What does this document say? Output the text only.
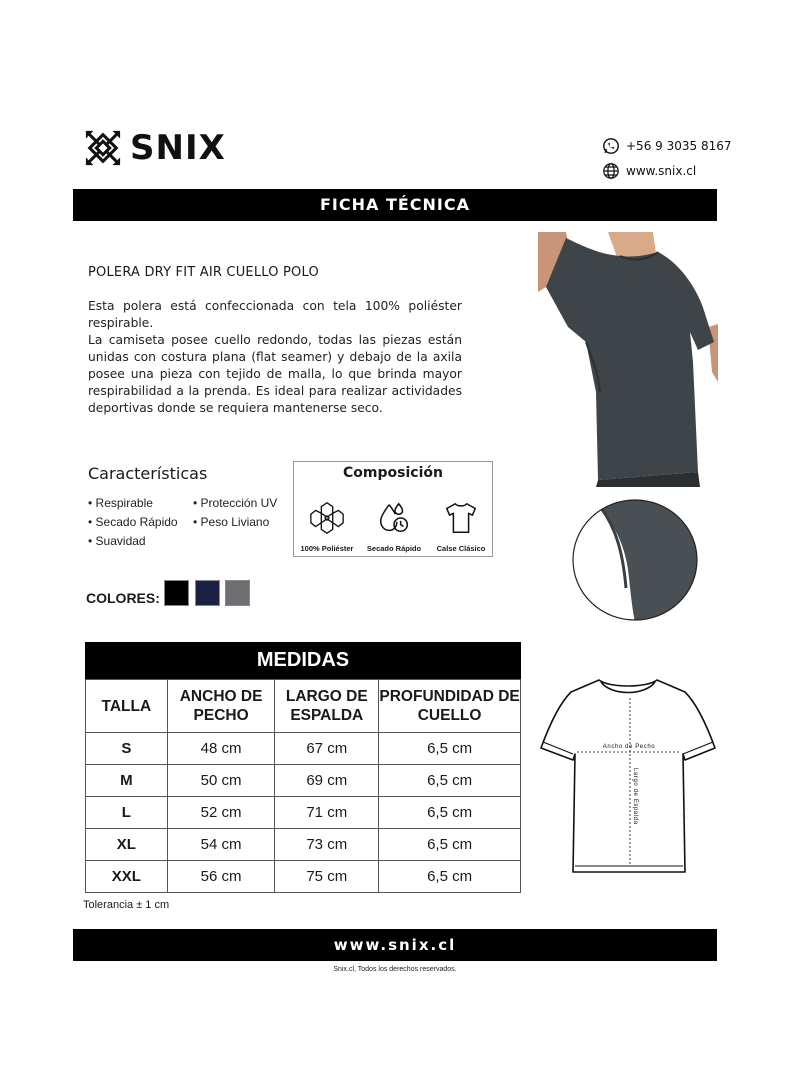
SNIX	+56 9 3035 8167
www.snix.cl
FICHA TÉCNICA
POLERA DRY FIT AIR CUELLO POLO

Esta polera está confeccionada con tela 100% poliéster respirable.

La camiseta posee cuello redondo, todas las piezas están unidas con costura plana (flat seamer) y debajo de la axila posee una pieza con tejido de malla, lo que brinda mayor respirabilidad a la prenda. Es ideal para realizar actividades deportivas donde se requiera mantenerse seco.

Características
• Respirable
• Secado Rápido
• Suavidad
• Protección UV
• Peso Liviano
Composición
100% Poliéster	Secado Rápido	Calse Clásico
COLORES:
MEDIDAS
TALLA	ANCHO DE PECHO	LARGO DE ESPALDA	PROFUNDIDAD DE CUELLO
S	48 cm	67 cm	6,5 cm
M	50 cm	69 cm	6,5 cm
L	52 cm	71 cm	6,5 cm
XL	54 cm	73 cm	6,5 cm
XXL	56 cm	75 cm	6,5 cm
Tolerancia ± 1 cm
Ancho de Pecho
Largo de Espalda
www.snix.cl
Snix.cl, Todos los derechos reservados.
